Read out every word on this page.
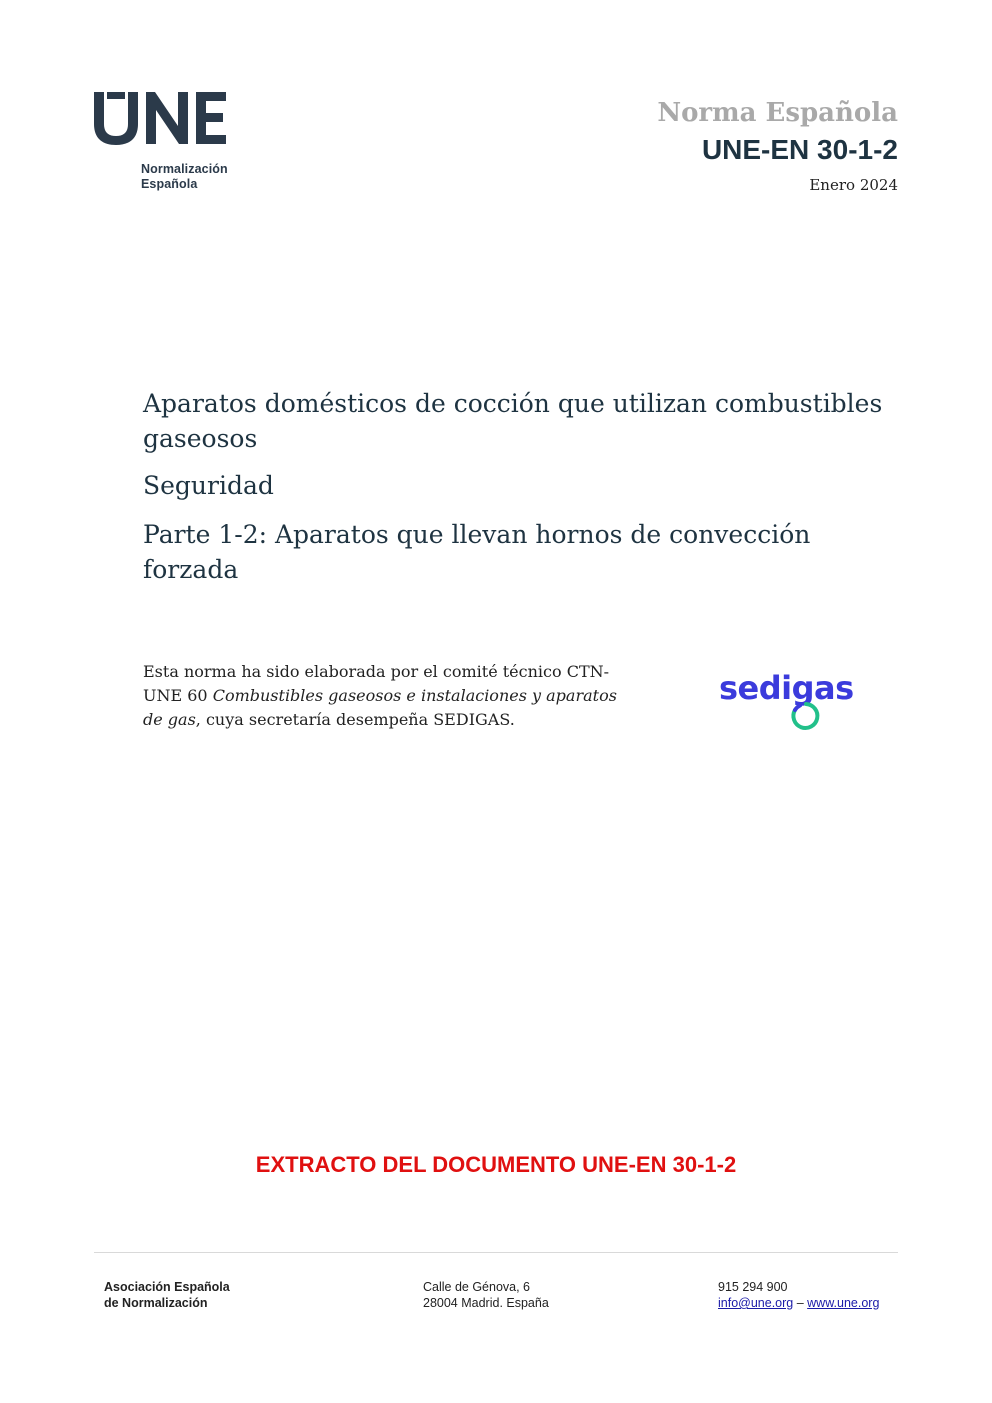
Normalización
Española
Norma Española
UNE-EN 30-1-2
Enero 2024

Aparatos domésticos de cocción que utilizan combustibles gaseosos

Seguridad

Parte 1-2: Aparatos que llevan hornos de convección forzada

Esta norma ha sido elaborada por el comité técnico CTN-UNE 60 Combustibles gaseosos e instalaciones y aparatos de gas, cuya secretaría desempeña SEDIGAS.
sedigas
EXTRACTO DEL DOCUMENTO UNE-EN 30-1-2
Asociación Española
de Normalización
Calle de Génova, 6
28004 Madrid. España
915 294 900
info@une.org – www.une.org
